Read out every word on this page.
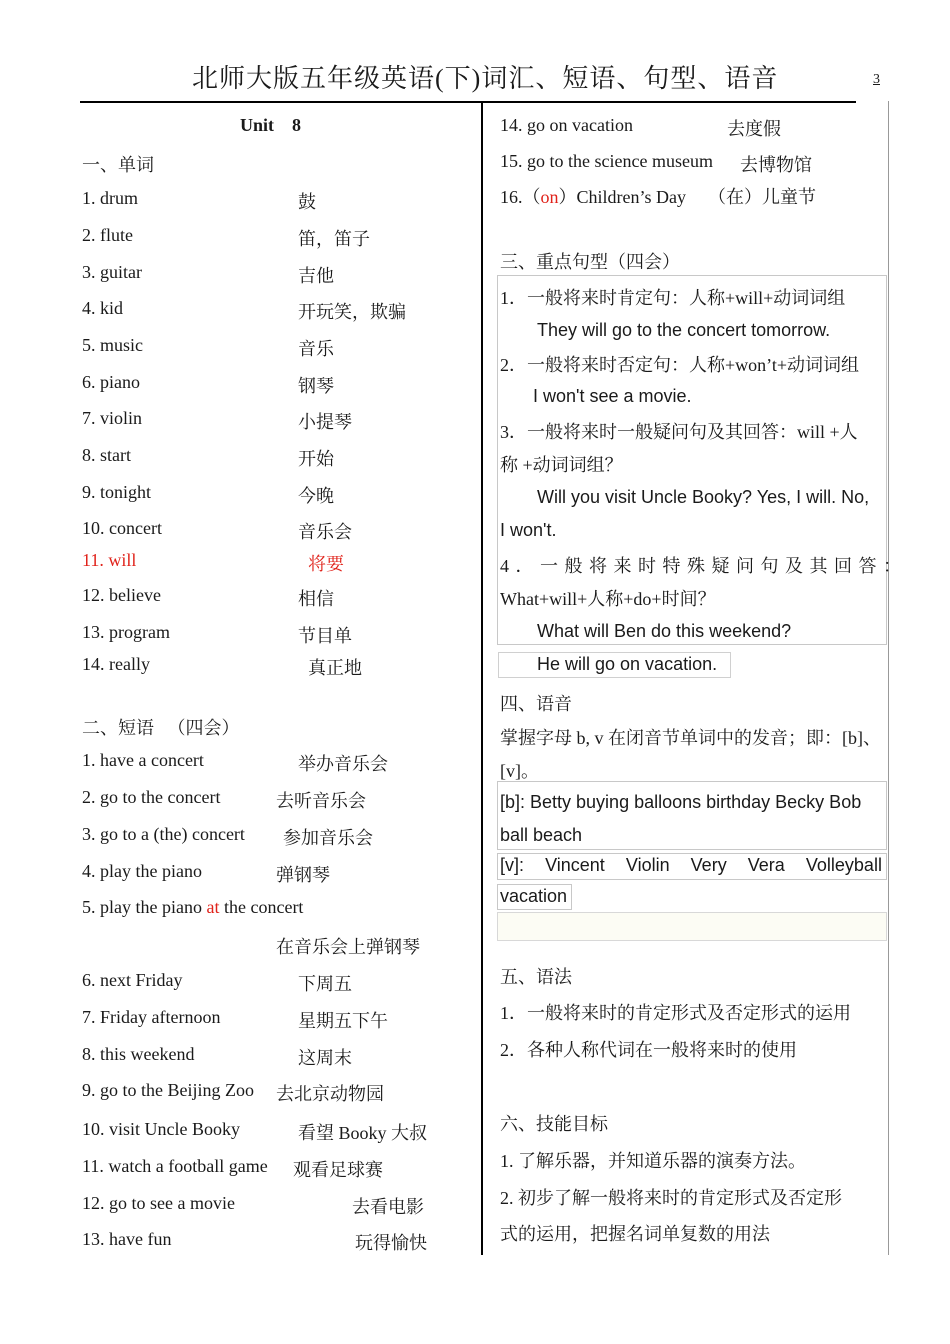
北师大版五年级英语(下)词汇、短语、句型、语音	3
Unit    8
一、单词
1. drum	鼓
2. flute	笛，笛子
3. guitar	吉他
4. kid	开玩笑，欺骗
5. music	音乐
6. piano	钢琴
7. violin	小提琴
8. start	开始
9. tonight	今晚
10. concert	音乐会
11. will	将要
12. believe	相信
13. program	节目单
14. really	真正地
二、短语   （四会）
1. have a concert	举办音乐会
2. go to the concert	去听音乐会
3. go to a (the) concert 参加音乐会
4. play the piano	弹钢琴
5. play the piano at the concert
在音乐会上弹钢琴
6. next Friday	下周五
7. Friday afternoon	星期五下午
8. this weekend	这周末
9. go to the Beijing Zoo 去北京动物园
10. visit Uncle Booky	看望 Booky 大叔
11. watch a football game 观看足球赛
12. go to see a movie	去看电影
13. have fun	玩得愉快
14. go on vacation	去度假
15. go to the science museum 去博物馆
16.（on）Children’s Day （在）儿童节
三、重点句型（四会）
1．一般将来时肯定句：人称+will+动词词组
They will go to the concert tomorrow.
2．一般将来时否定句：人称+won’t+动词词组
I won't see a movie.
3．一般将来时一般疑问句及其回答：will +人
称 +动词词组？
Will you visit Uncle Booky? Yes, I will. No,
I won't.
4．一般将来时特殊疑问句及其回答：
What+will+人称+do+时间？
What will Ben do this weekend?
He will go on vacation.
四、语音
掌握字母 b, v 在闭音节单词中的发音；即：[b]、
[v]。
[b]: Betty buying balloons birthday Becky Bob
ball beach
[v]: Vincent Violin Very Vera Volleyball
vacation
五、语法
1．一般将来时的肯定形式及否定形式的运用
2．各种人称代词在一般将来时的使用
六、技能目标
1. 了解乐器，并知道乐器的演奏方法。
2. 初步了解一般将来时的肯定形式及否定形
式的运用，把握名词单复数的用法
